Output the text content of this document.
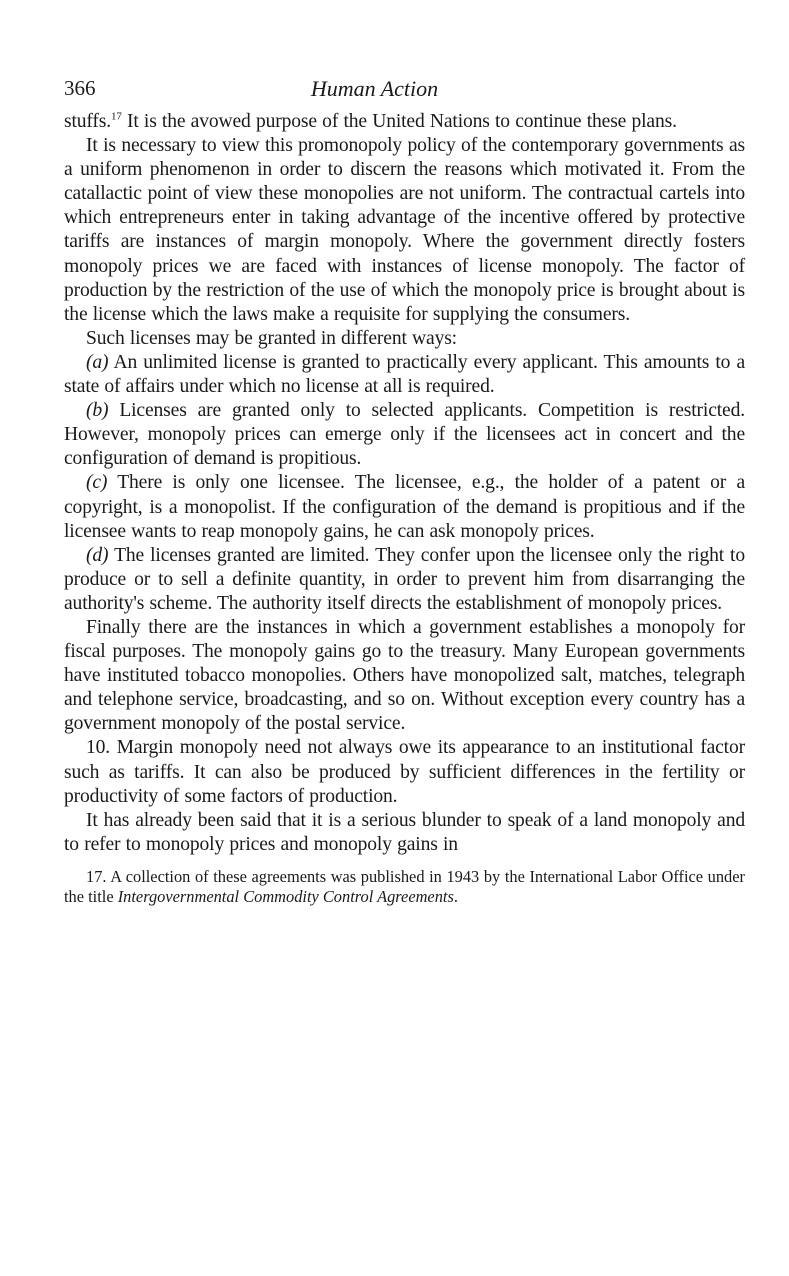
366	Human Action

stuffs.$^{17}$ It is the avowed purpose of the United Nations to continue these plans.

It is necessary to view this promonopoly policy of the contemporary governments as a uniform phenomenon in order to discern the reasons which motivated it. From the catallactic point of view these monopolies are not uniform. The contractual cartels into which entrepreneurs enter in taking advantage of the incentive offered by protective tariffs are instances of margin monopoly. Where the government directly fosters monopoly prices we are faced with instances of license monopoly. The factor of production by the restriction of the use of which the monopoly price is brought about is the license which the laws make a requisite for supplying the consumers.

Such licenses may be granted in different ways:

(a) An unlimited license is granted to practically every applicant. This amounts to a state of affairs under which no license at all is required.

(b) Licenses are granted only to selected applicants. Competition is restricted. However, monopoly prices can emerge only if the licensees act in concert and the configuration of demand is propitious.

(c) There is only one licensee. The licensee, e.g., the holder of a patent or a copyright, is a monopolist. If the configuration of the demand is propitious and if the licensee wants to reap monopoly gains, he can ask monopoly prices.

(d) The licenses granted are limited. They confer upon the licensee only the right to produce or to sell a definite quantity, in order to prevent him from disarranging the authority's scheme. The authority itself directs the establishment of monopoly prices.

Finally there are the instances in which a government establishes a monopoly for fiscal purposes. The monopoly gains go to the treasury. Many European governments have instituted tobacco monopolies. Others have monopolized salt, matches, telegraph and telephone service, broadcasting, and so on. Without exception every country has a government monopoly of the postal service.

10. Margin monopoly need not always owe its appearance to an institutional factor such as tariffs. It can also be produced by sufficient differences in the fertility or productivity of some factors of production.

It has already been said that it is a serious blunder to speak of a land monopoly and to refer to monopoly prices and monopoly gains in

17. A collection of these agreements was published in 1943 by the International Labor Office under the title Intergovernmental Commodity Control Agreements.
